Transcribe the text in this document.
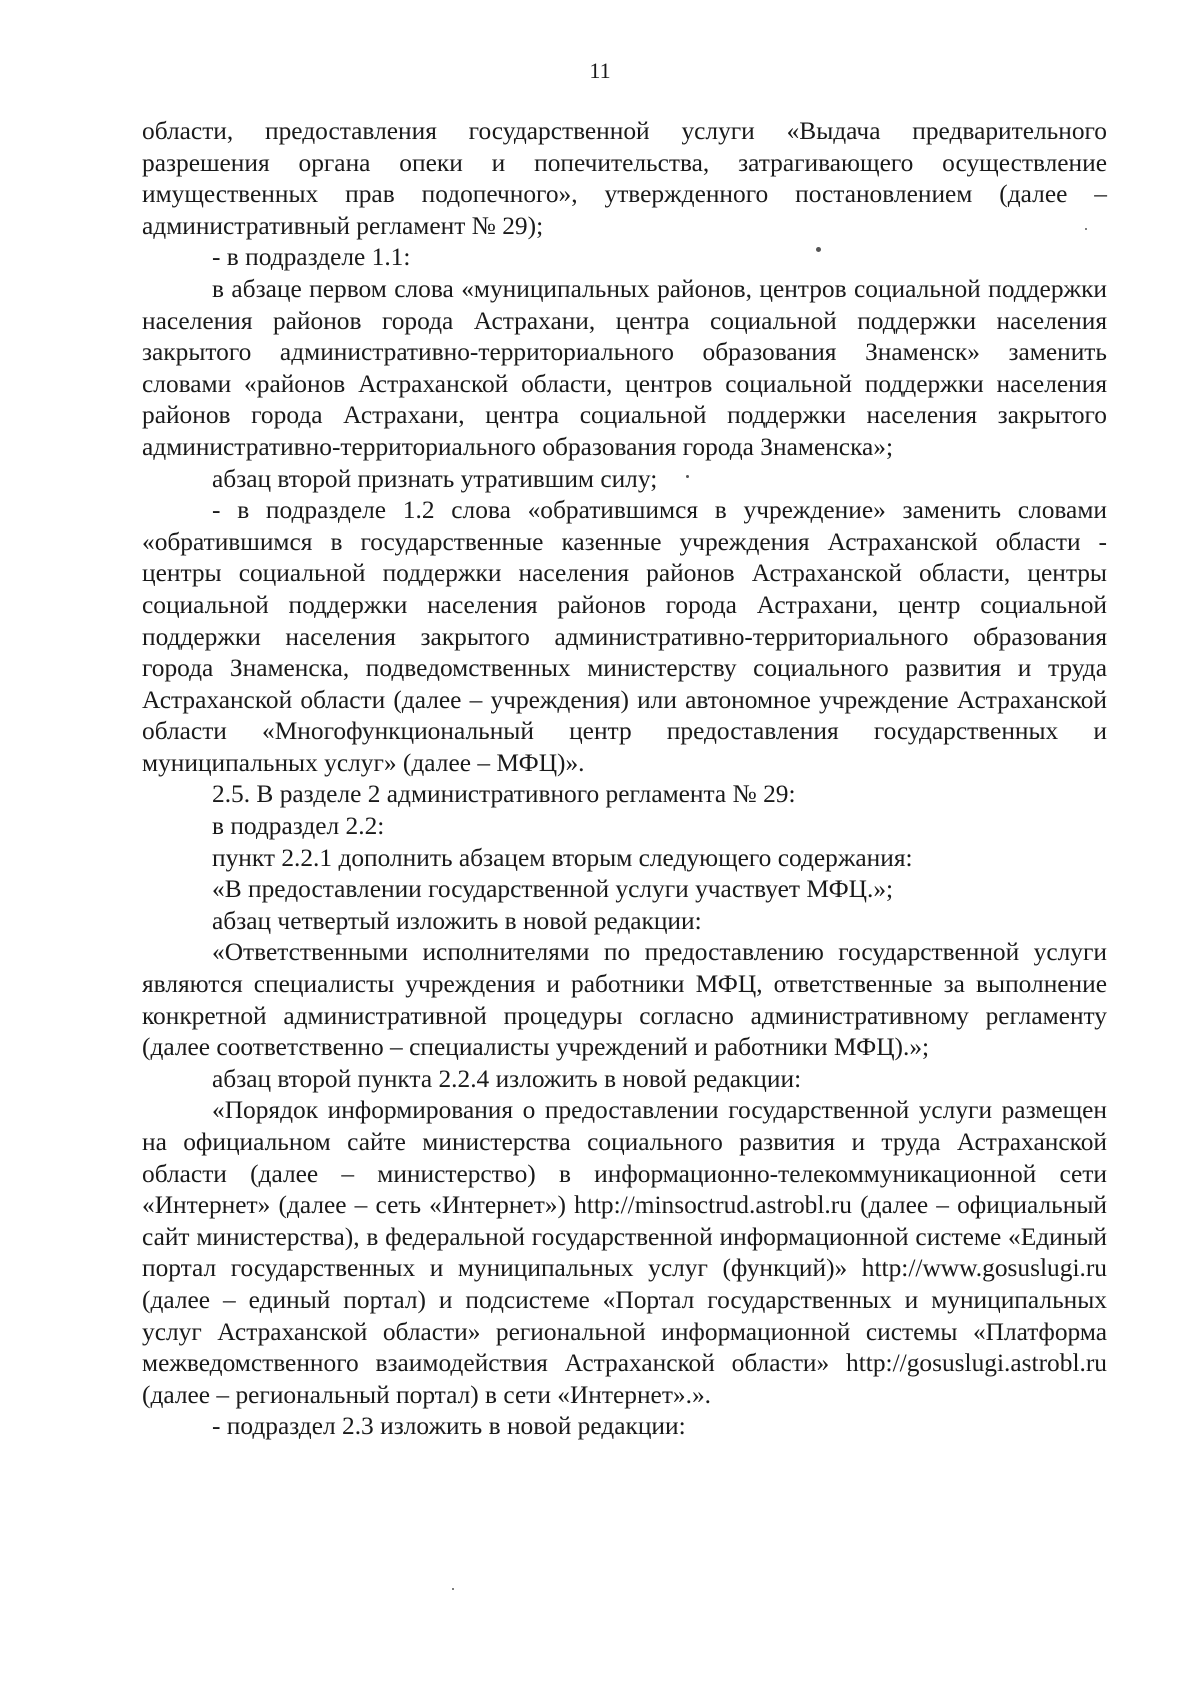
11

области, предоставления государственной услуги «Выдача предварительного разрешения органа опеки и попечительства, затрагивающего осуществление имущественных прав подопечного», утвержденного постановлением (далее – административный регламент № 29);

- в подразделе 1.1:

в абзаце первом слова «муниципальных районов, центров социальной поддержки населения районов города Астрахани, центра социальной поддержки населения закрытого административно-территориального образования Знаменск» заменить словами «районов Астраханской области, центров социальной поддержки населения районов города Астрахани, центра социальной поддержки населения закрытого административно-территориального образования города Знаменска»;

абзац второй признать утратившим силу;

- в подразделе 1.2 слова «обратившимся в учреждение» заменить словами «обратившимся в государственные казенные учреждения Астраханской области - центры социальной поддержки населения районов Астраханской области, центры социальной поддержки населения районов города Астрахани, центр социальной поддержки населения закрытого административно-территориального образования города Знаменска, подведомственных министерству социального развития и труда Астраханской области (далее – учреждения) или автономное учреждение Астраханской области «Многофункциональный центр предоставления государственных и муниципальных услуг» (далее – МФЦ)».

2.5. В разделе 2 административного регламента № 29:

в подраздел 2.2:

пункт 2.2.1 дополнить абзацем вторым следующего содержания:

«В предоставлении государственной услуги участвует МФЦ.»;

абзац четвертый изложить в новой редакции:

«Ответственными исполнителями по предоставлению государственной услуги являются специалисты учреждения и работники МФЦ, ответственные за выполнение конкретной административной процедуры согласно административному регламенту (далее соответственно – специалисты учреждений и работники МФЦ).»;

абзац второй пункта 2.2.4 изложить в новой редакции:

«Порядок информирования о предоставлении государственной услуги размещен на официальном сайте министерства социального развития и труда Астраханской области (далее – министерство) в информационно-телекоммуникационной сети «Интернет» (далее – сеть «Интернет») http://minsoctrud.astrobl.ru (далее – официальный сайт министерства), в федеральной государственной информационной системе «Единый портал государственных и муниципальных услуг (функций)» http://www.gosuslugi.ru (далее – единый портал) и подсистеме «Портал государственных и муниципальных услуг Астраханской области» региональной информационной системы «Платформа межведомственного взаимодействия Астраханской области» http://gosuslugi.astrobl.ru (далее – региональный портал) в сети «Интернет».».

- подраздел 2.3 изложить в новой редакции:
